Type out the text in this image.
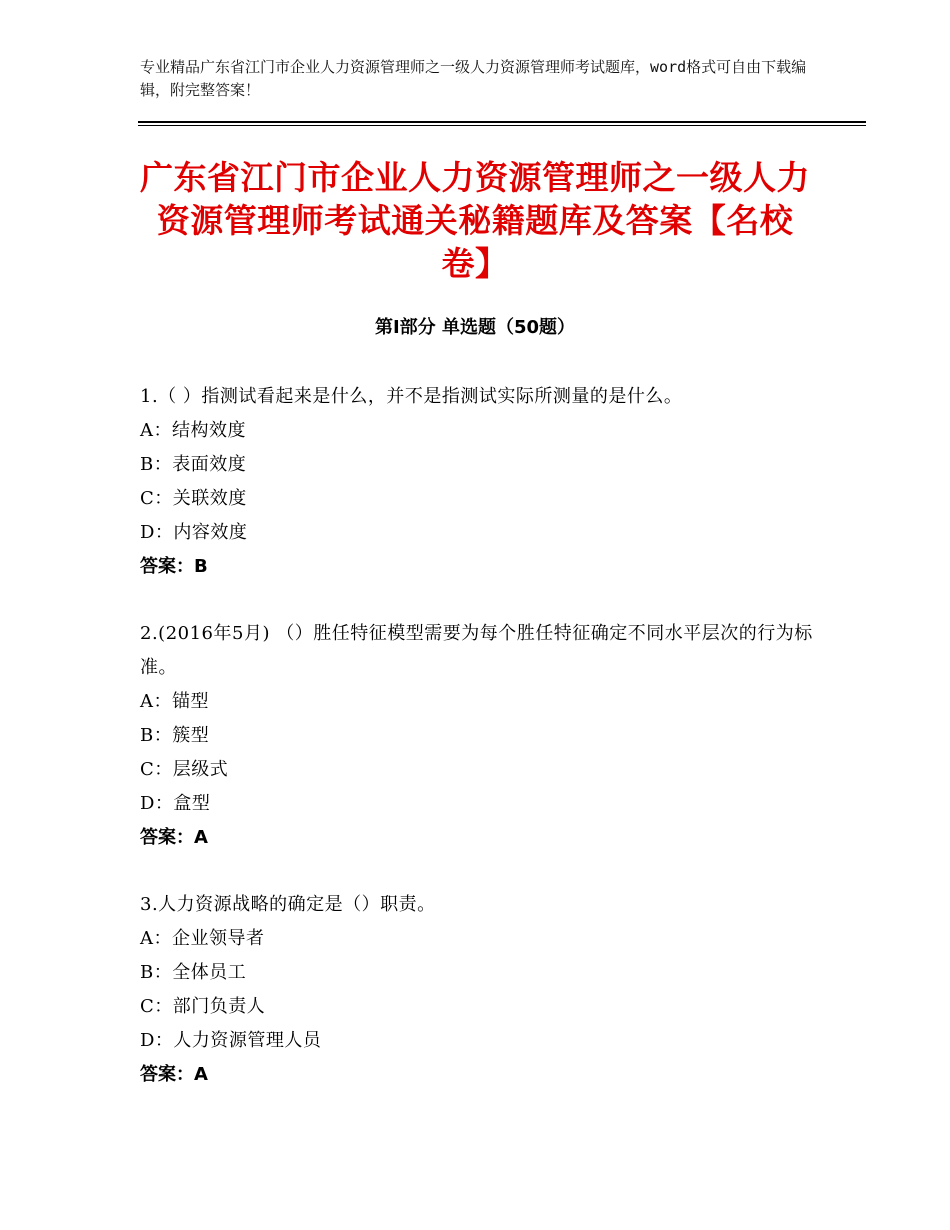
专业精品广东省江门市企业人力资源管理师之一级人力资源管理师考试题库，word格式可自由下载编辑，附完整答案！
广东省江门市企业人力资源管理师之一级人力资源管理师考试通关秘籍题库及答案【名校卷】
第Ⅰ部分 单选题（50题）
1.（ ）指测试看起来是什么，并不是指测试实际所测量的是什么。
A：结构效度
B：表面效度
C：关联效度
D：内容效度
答案：B
2.(2016年5月) （）胜任特征模型需要为每个胜任特征确定不同水平层次的行为标准。
A：锚型
B：簇型
C：层级式
D：盒型
答案：A
3.人力资源战略的确定是（）职责。
A：企业领导者
B：全体员工
C：部门负责人
D：人力资源管理人员
答案：A
